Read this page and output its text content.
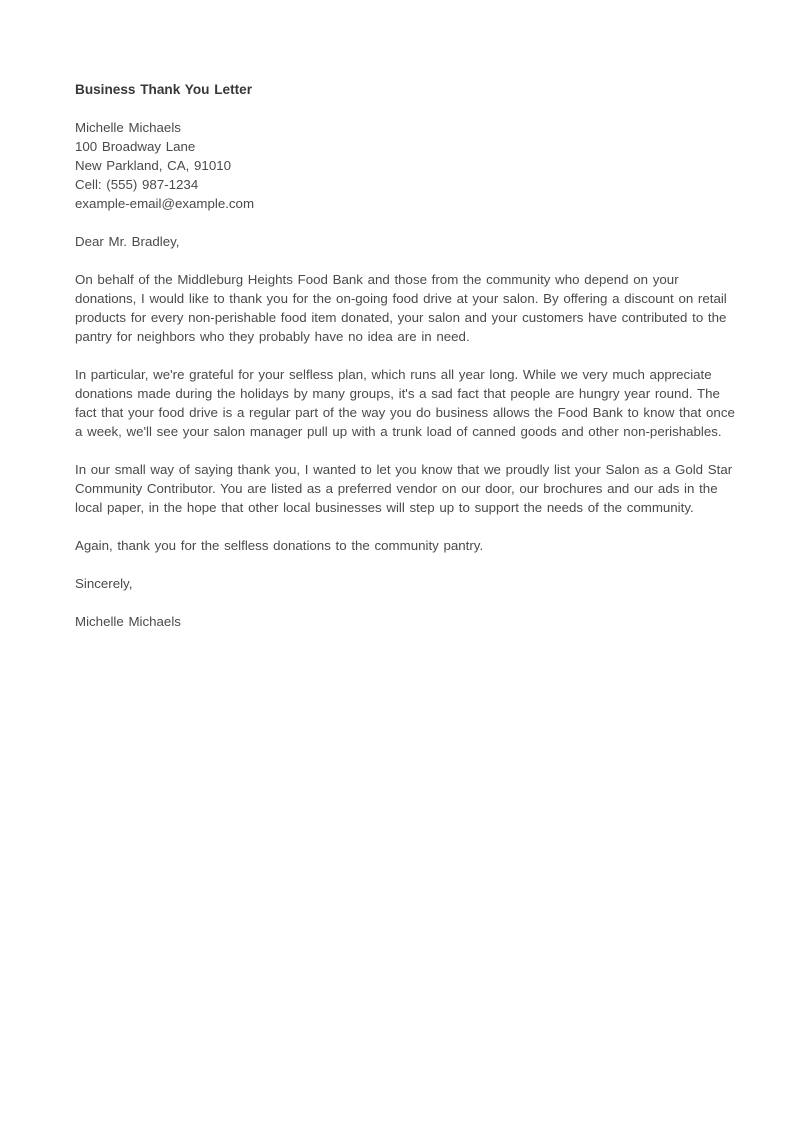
Business Thank You Letter
Michelle Michaels
100 Broadway Lane
New Parkland, CA, 91010
Cell: (555) 987-1234
example-email@example.com
Dear Mr. Bradley,
On behalf of the Middleburg Heights Food Bank and those from the community who depend on your
donations, I would like to thank you for the on-going food drive at your salon. By offering a discount on retail
products for every non-perishable food item donated, your salon and your customers have contributed to the
pantry for neighbors who they probably have no idea are in need.
In particular, we're grateful for your selfless plan, which runs all year long. While we very much appreciate
donations made during the holidays by many groups, it's a sad fact that people are hungry year round. The
fact that your food drive is a regular part of the way you do business allows the Food Bank to know that once
a week, we'll see your salon manager pull up with a trunk load of canned goods and other non-perishables.
In our small way of saying thank you, I wanted to let you know that we proudly list your Salon as a Gold Star
Community Contributor. You are listed as a preferred vendor on our door, our brochures and our ads in the
local paper, in the hope that other local businesses will step up to support the needs of the community.
Again, thank you for the selfless donations to the community pantry.
Sincerely,
Michelle Michaels
